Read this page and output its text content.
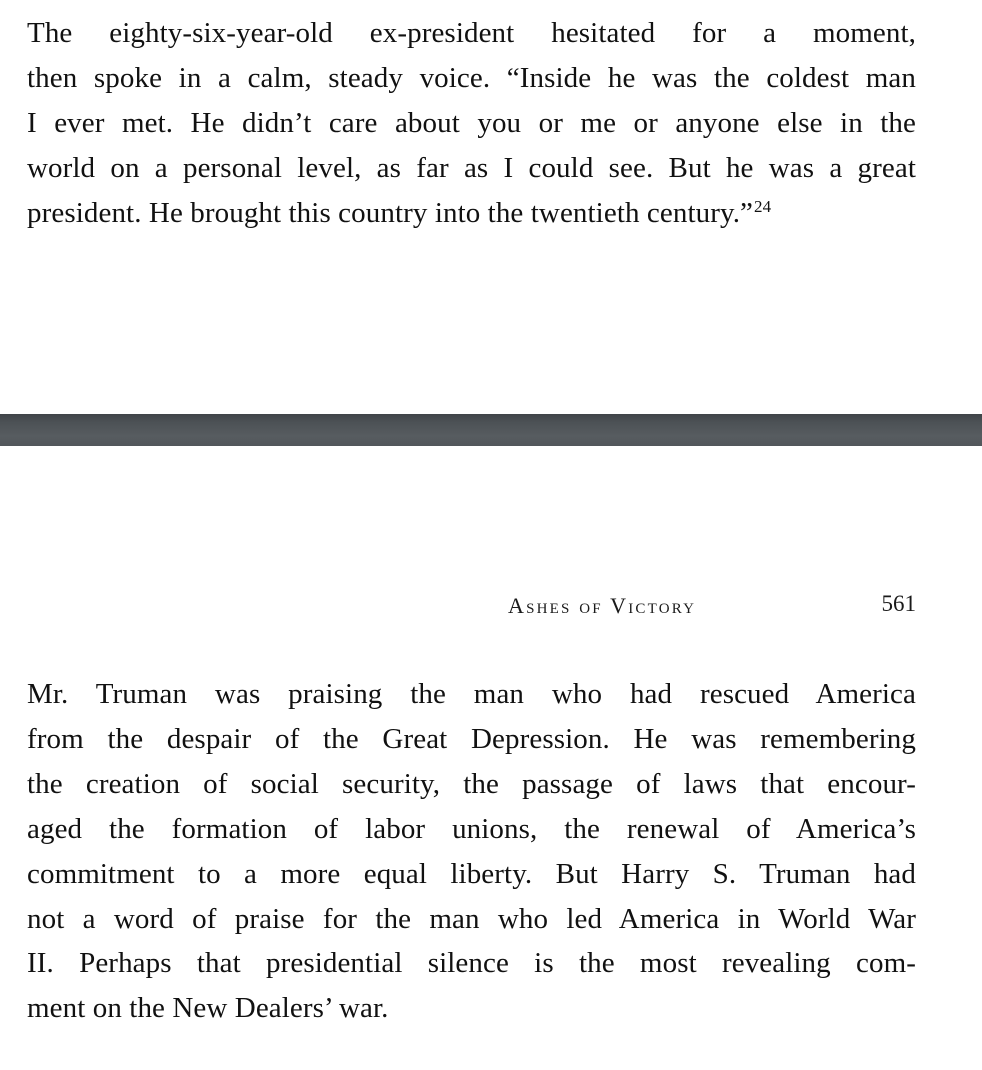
The eighty-six-year-old ex-president hesitated for a moment,
then spoke in a calm, steady voice. “Inside he was the coldest man
I ever met. He didn’t care about you or me or anyone else in the
world on a personal level, as far as I could see. But he was a great
president. He brought this country into the twentieth century.”$^{24}$

Ashes of Victory	561

Mr. Truman was praising the man who had rescued America
from the despair of the Great Depression. He was remembering
the creation of social security, the passage of laws that encour-
aged the formation of labor unions, the renewal of America’s
commitment to a more equal liberty. But Harry S. Truman had
not a word of praise for the man who led America in World War
II. Perhaps that presidential silence is the most revealing com-
ment on the New Dealers’ war.
